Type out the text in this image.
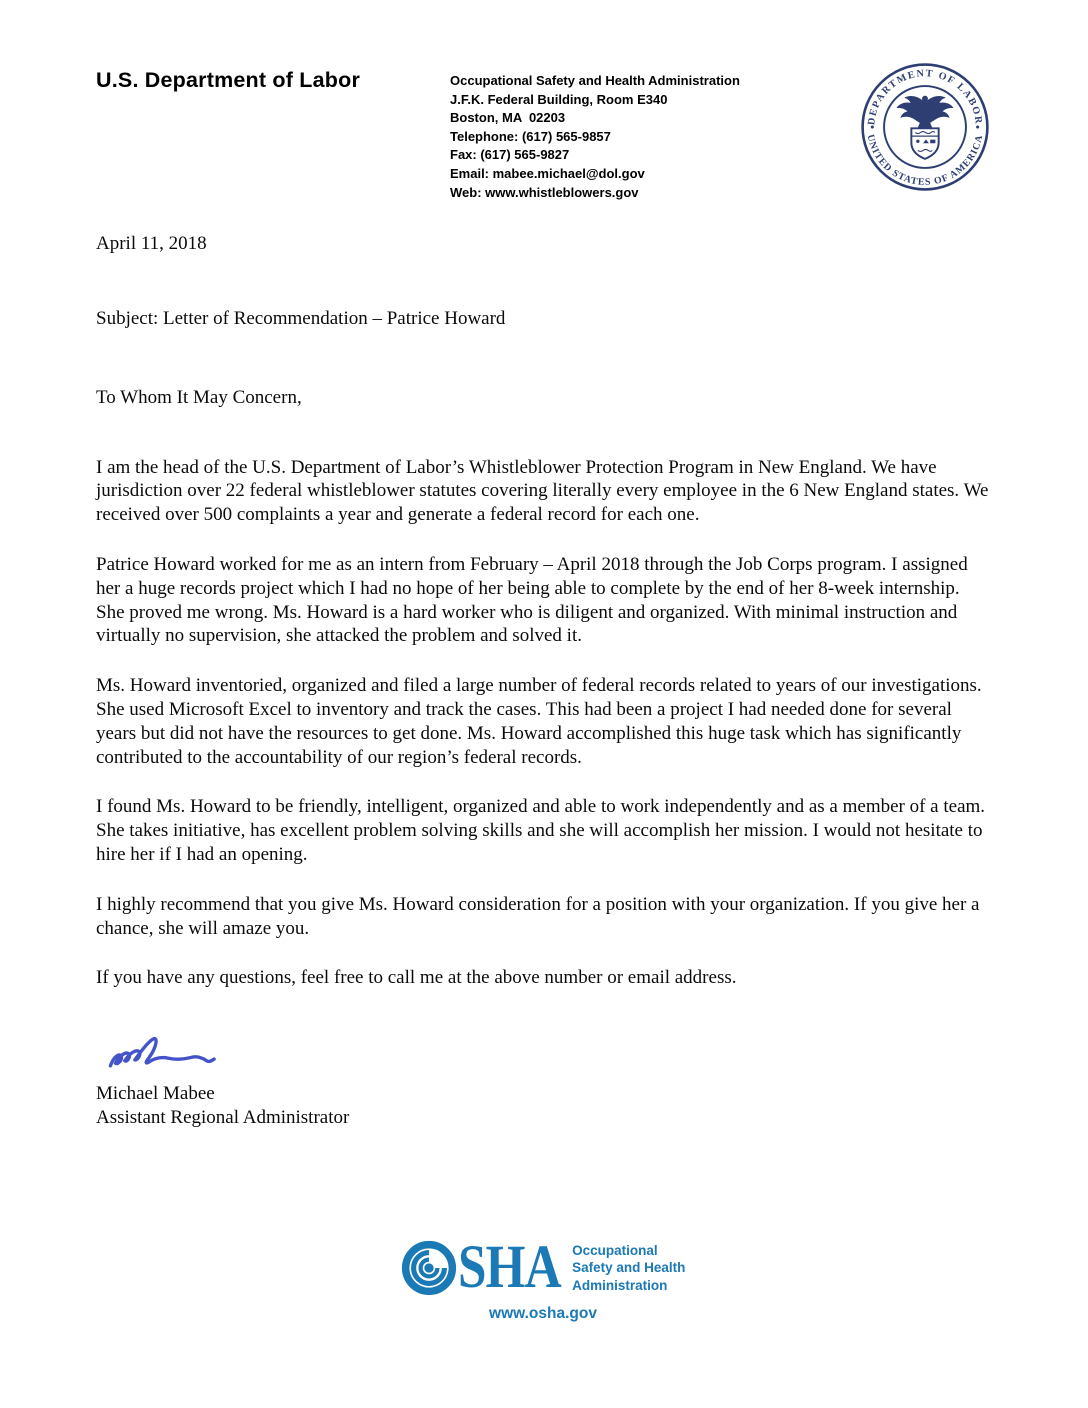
U.S. Department of Labor	Occupational Safety and Health Administration
J.F.K. Federal Building, Room E340
Boston, MA  02203
Telephone: (617) 565-9857
Fax: (617) 565-9827
Email: mabee.michael@dol.gov
Web: www.whistleblowers.gov
DEPARTMENT OF LABOR
UNITED STATES OF AMERICA

April 11, 2018

Subject: Letter of Recommendation – Patrice Howard

To Whom It May Concern,

I am the head of the U.S. Department of Labor’s Whistleblower Protection Program in New England. We have jurisdiction over 22 federal whistleblower statutes covering literally every employee in the 6 New England states. We received over 500 complaints a year and generate a federal record for each one.

Patrice Howard worked for me as an intern from February – April 2018 through the Job Corps program. I assigned her a huge records project which I had no hope of her being able to complete by the end of her 8-week internship. She proved me wrong. Ms. Howard is a hard worker who is diligent and organized. With minimal instruction and virtually no supervision, she attacked the problem and solved it.

Ms. Howard inventoried, organized and filed a large number of federal records related to years of our investigations. She used Microsoft Excel to inventory and track the cases. This had been a project I had needed done for several years but did not have the resources to get done. Ms. Howard accomplished this huge task which has significantly contributed to the accountability of our region’s federal records.

I found Ms. Howard to be friendly, intelligent, organized and able to work independently and as a member of a team. She takes initiative, has excellent problem solving skills and she will accomplish her mission. I would not hesitate to hire her if I had an opening.

I highly recommend that you give Ms. Howard consideration for a position with your organization. If you give her a chance, she will amaze you.

If you have any questions, feel free to call me at the above number or email address.

Michael Mabee
Assistant Regional Administrator
SHA Occupational
Safety and Health
Administration
www.osha.gov
